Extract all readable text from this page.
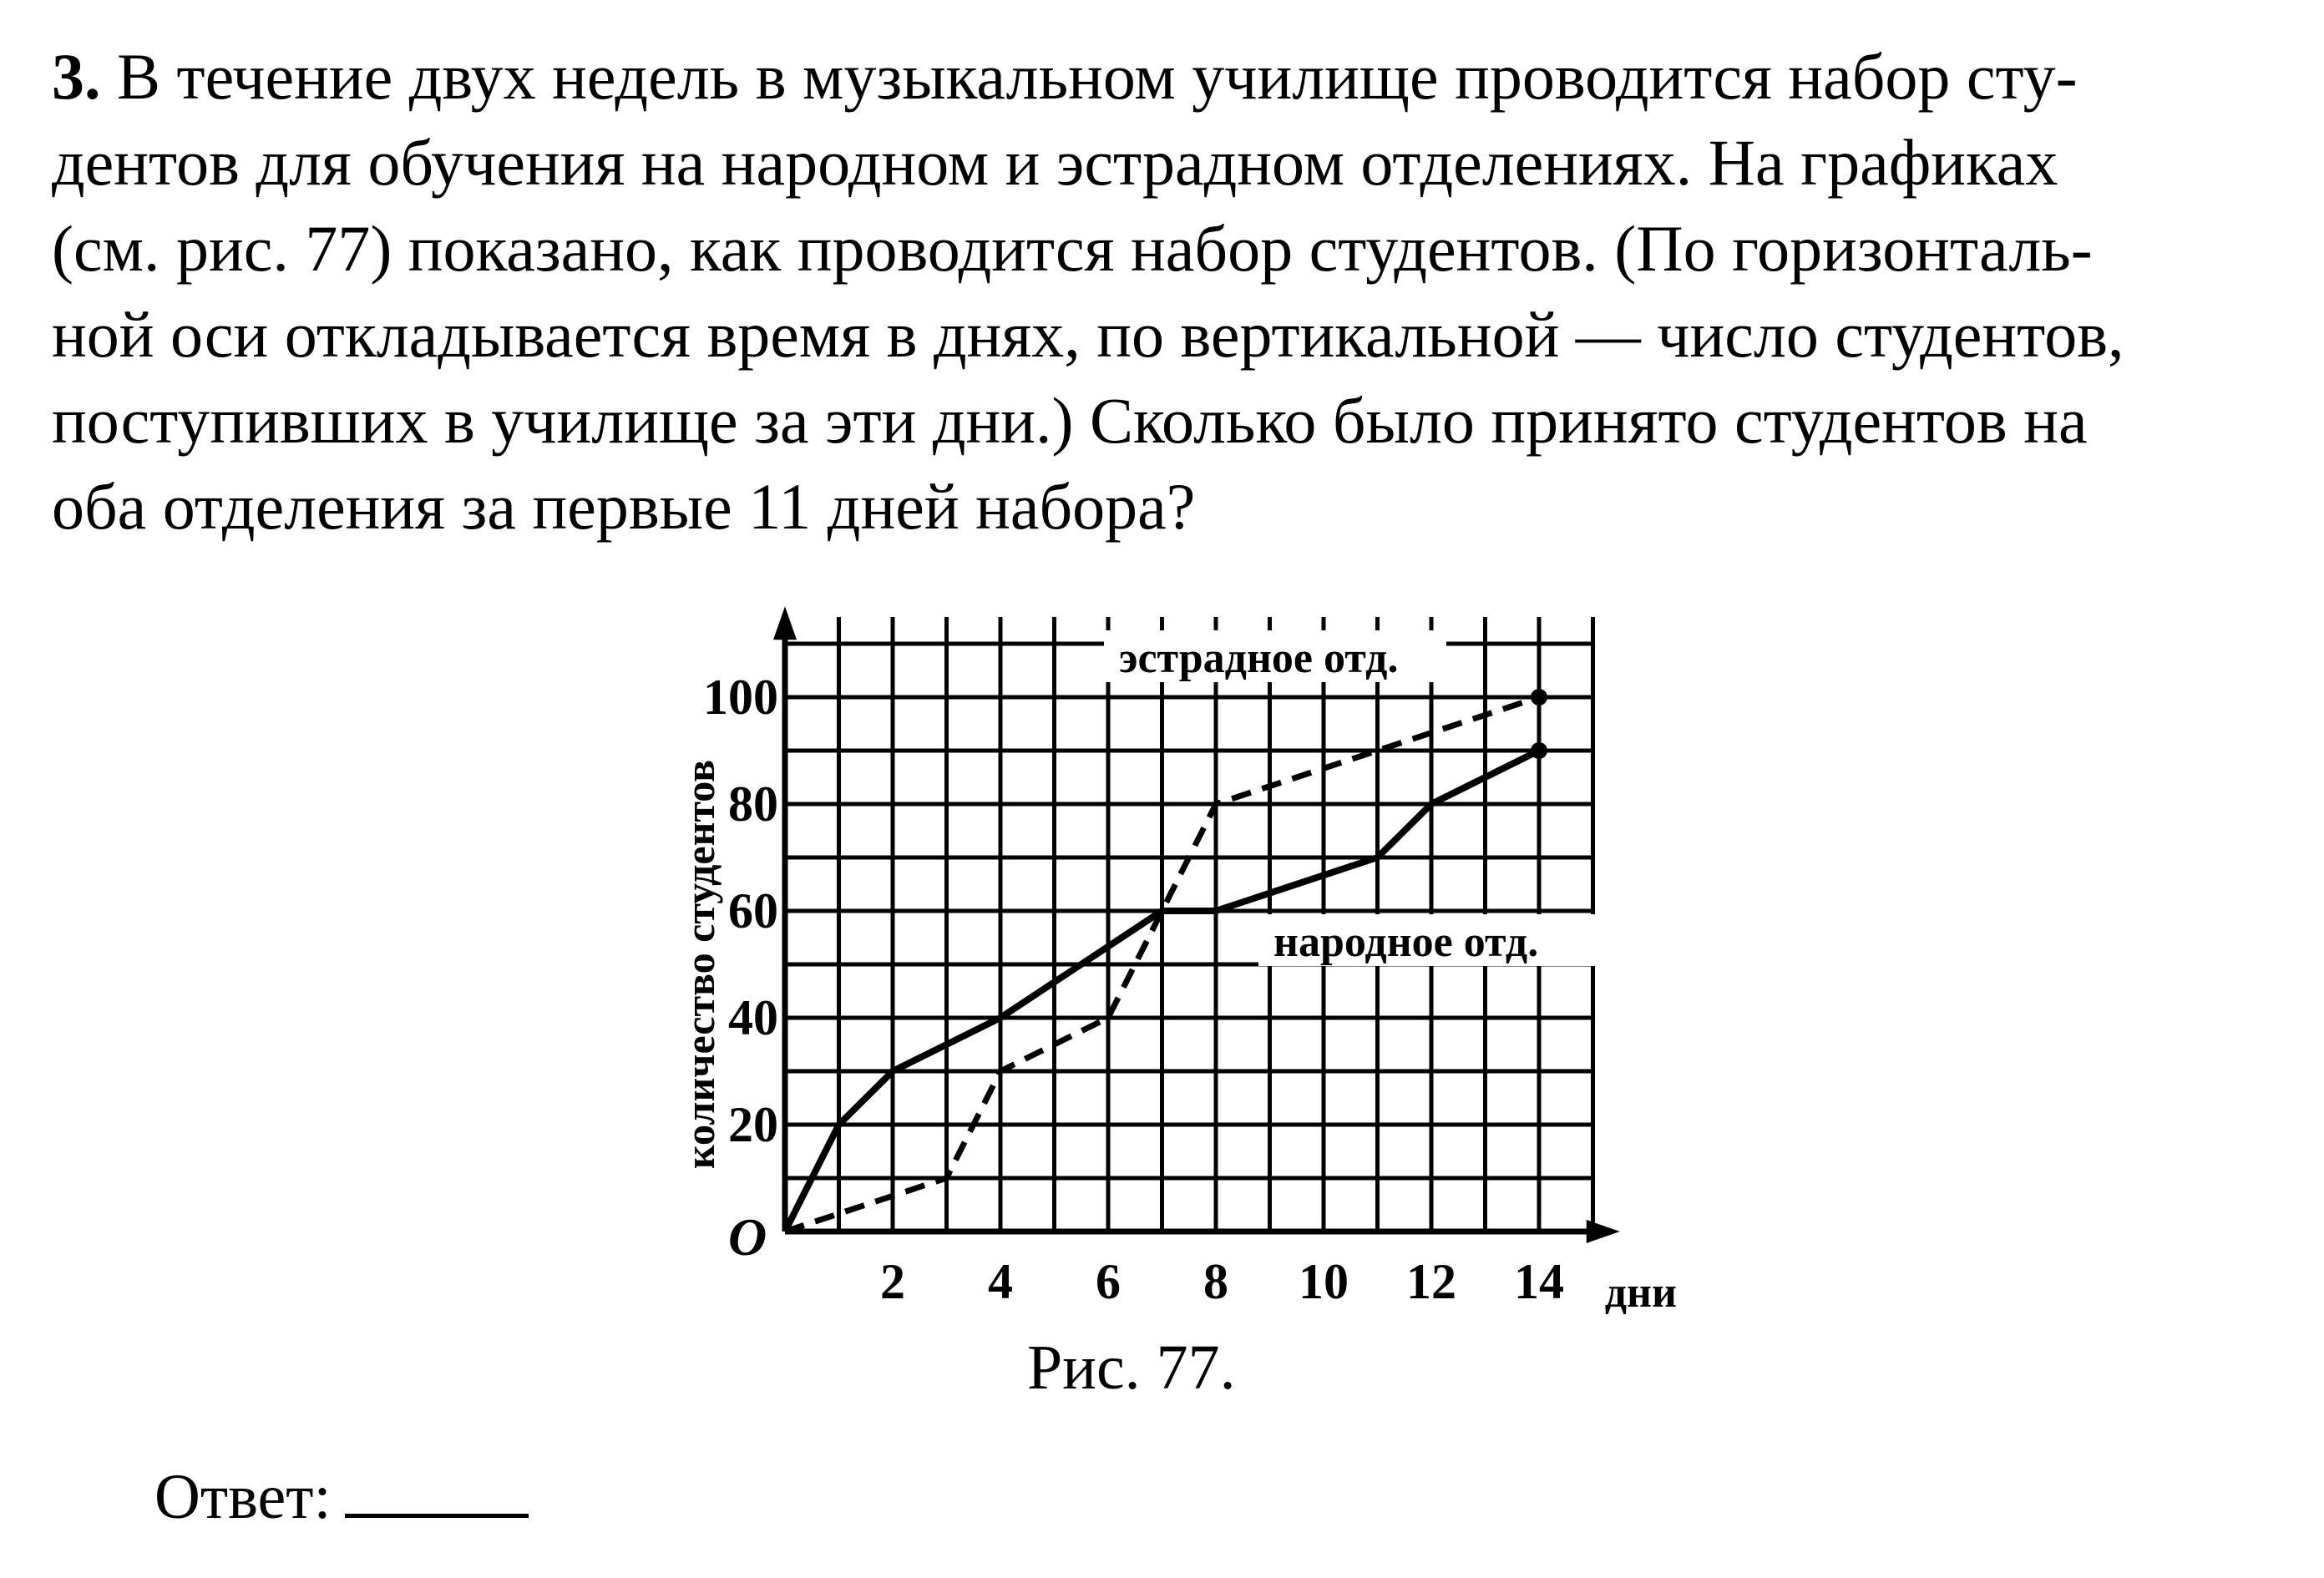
3. В течение двух недель в музыкальном училище проводится набор сту-
дентов для обучения на народном и эстрадном отделениях. На графиках
(см. рис. 77) показано, как проводится набор студентов. (По горизонталь-
ной оси откладывается время в днях, по вертикальной — число студентов,
поступивших в училище за эти дни.) Сколько было принято студентов на
оба отделения за первые 11 дней набора?
2 4 6 8 10 12 14
20
40
60
80
100
O
дни
количество студентов
эстрадное отд.
народное отд.
Рис. 77.
Ответ:
